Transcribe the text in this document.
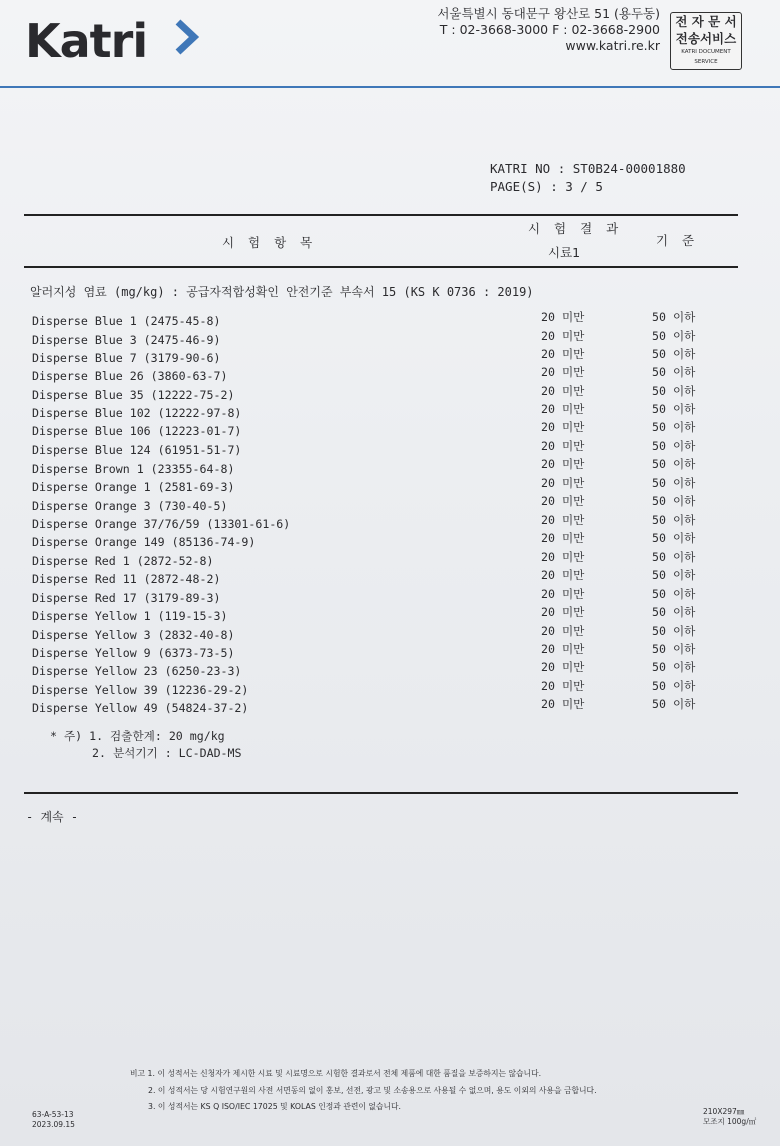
Katri
서울특별시 동대문구 왕산로 51 (용두동)
T : 02-3668-3000 F : 02-3668-2900
www.katri.re.kr
전 자 문 서
전송서비스
KATRI DOCUMENT SERVICE
KATRI NO : ST0B24-00001880
PAGE(S) : 3 / 5
시 험 항 목
시 험 결 과
시료1
기 준
알러지성 염료 (mg/kg) : 공급자적합성확인 안전기준 부속서 15 (KS K 0736 : 2019)
Disperse Blue 1 (2475-45-8)	20 미만	50 이하
Disperse Blue 3 (2475-46-9)	20 미만	50 이하
Disperse Blue 7 (3179-90-6)	20 미만	50 이하
Disperse Blue 26 (3860-63-7)	20 미만	50 이하
Disperse Blue 35 (12222-75-2)	20 미만	50 이하
Disperse Blue 102 (12222-97-8)	20 미만	50 이하
Disperse Blue 106 (12223-01-7)	20 미만	50 이하
Disperse Blue 124 (61951-51-7)	20 미만	50 이하
Disperse Brown 1 (23355-64-8)	20 미만	50 이하
Disperse Orange 1 (2581-69-3)	20 미만	50 이하
Disperse Orange 3 (730-40-5)	20 미만	50 이하
Disperse Orange 37/76/59 (13301-61-6)	20 미만	50 이하
Disperse Orange 149 (85136-74-9)	20 미만	50 이하
Disperse Red 1 (2872-52-8)	20 미만	50 이하
Disperse Red 11 (2872-48-2)	20 미만	50 이하
Disperse Red 17 (3179-89-3)	20 미만	50 이하
Disperse Yellow 1 (119-15-3)	20 미만	50 이하
Disperse Yellow 3 (2832-40-8)	20 미만	50 이하
Disperse Yellow 9 (6373-73-5)	20 미만	50 이하
Disperse Yellow 23 (6250-23-3)	20 미만	50 이하
Disperse Yellow 39 (12236-29-2)	20 미만	50 이하
Disperse Yellow 49 (54824-37-2)	20 미만	50 이하
* 주) 1. 검출한계: 20 mg/kg
2. 분석기기 : LC-DAD-MS
- 계속 -
비고 1. 이 성적서는 신청자가 제시한 시료 및 시료명으로 시험한 결과로서 전체 제품에 대한 품질을 보증하지는 않습니다.
2. 이 성적서는 당 시험연구원의 사전 서면동의 없이 홍보, 선전, 광고 및 소송용으로 사용될 수 없으며, 용도 이외의 사용을 금합니다.
3. 이 성적서는 KS Q ISO/IEC 17025 및 KOLAS 인정과 관련이 없습니다.
63-A-53-13
2023.09.15
210X297㎜
모조지 100g/㎡
